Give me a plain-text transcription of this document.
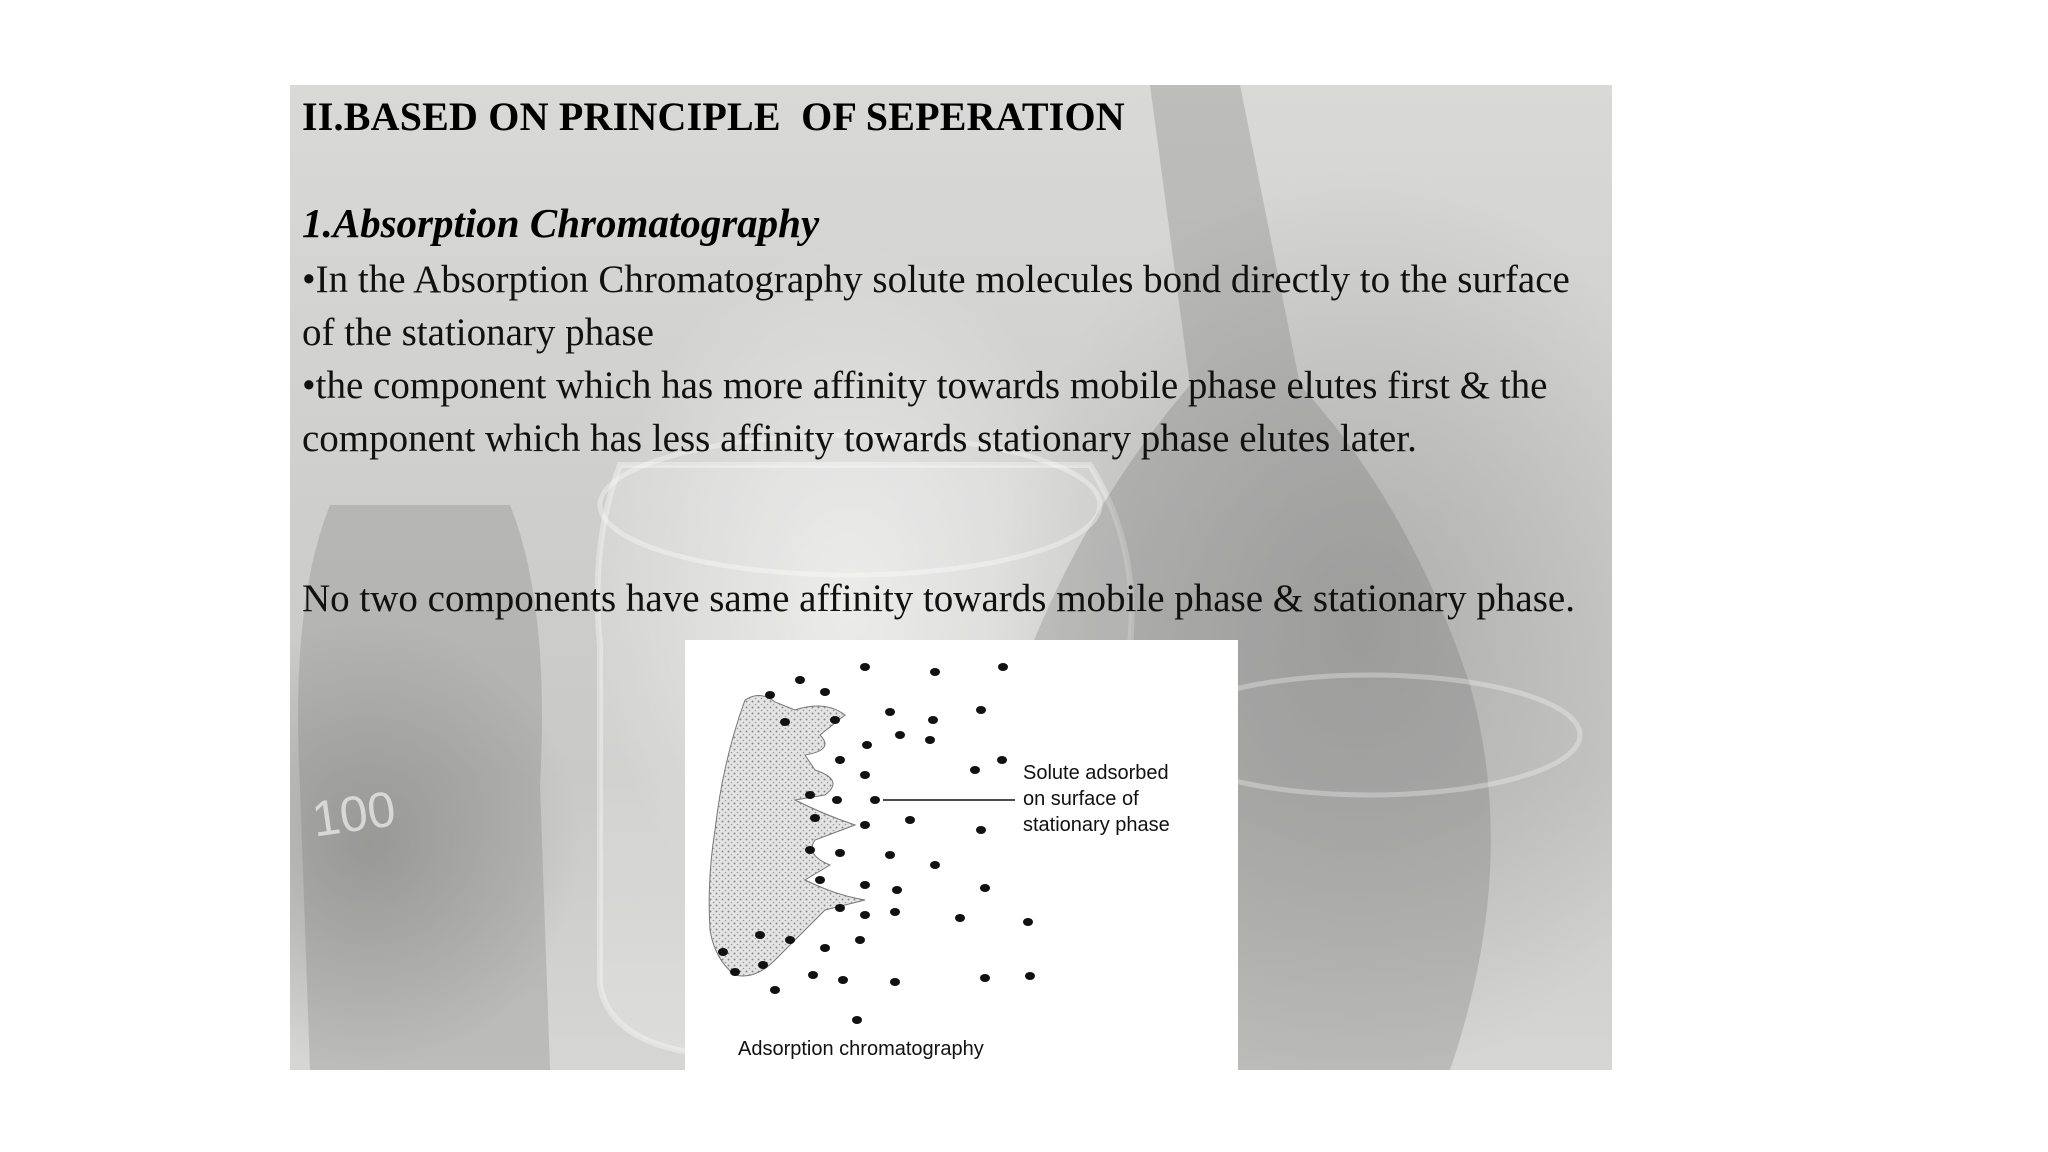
100
II.BASED ON PRINCIPLE  OF SEPERATION
1.Absorption Chromatography

•In the Absorption Chromatography solute molecules bond directly to the surface of the stationary phase

•the component which has more affinity towards mobile phase elutes first & the component which has less affinity towards stationary phase elutes later.

No two components have same affinity towards mobile phase & stationary phase.

Solute adsorbed
on surface of
stationary phase
Adsorption chromatography
